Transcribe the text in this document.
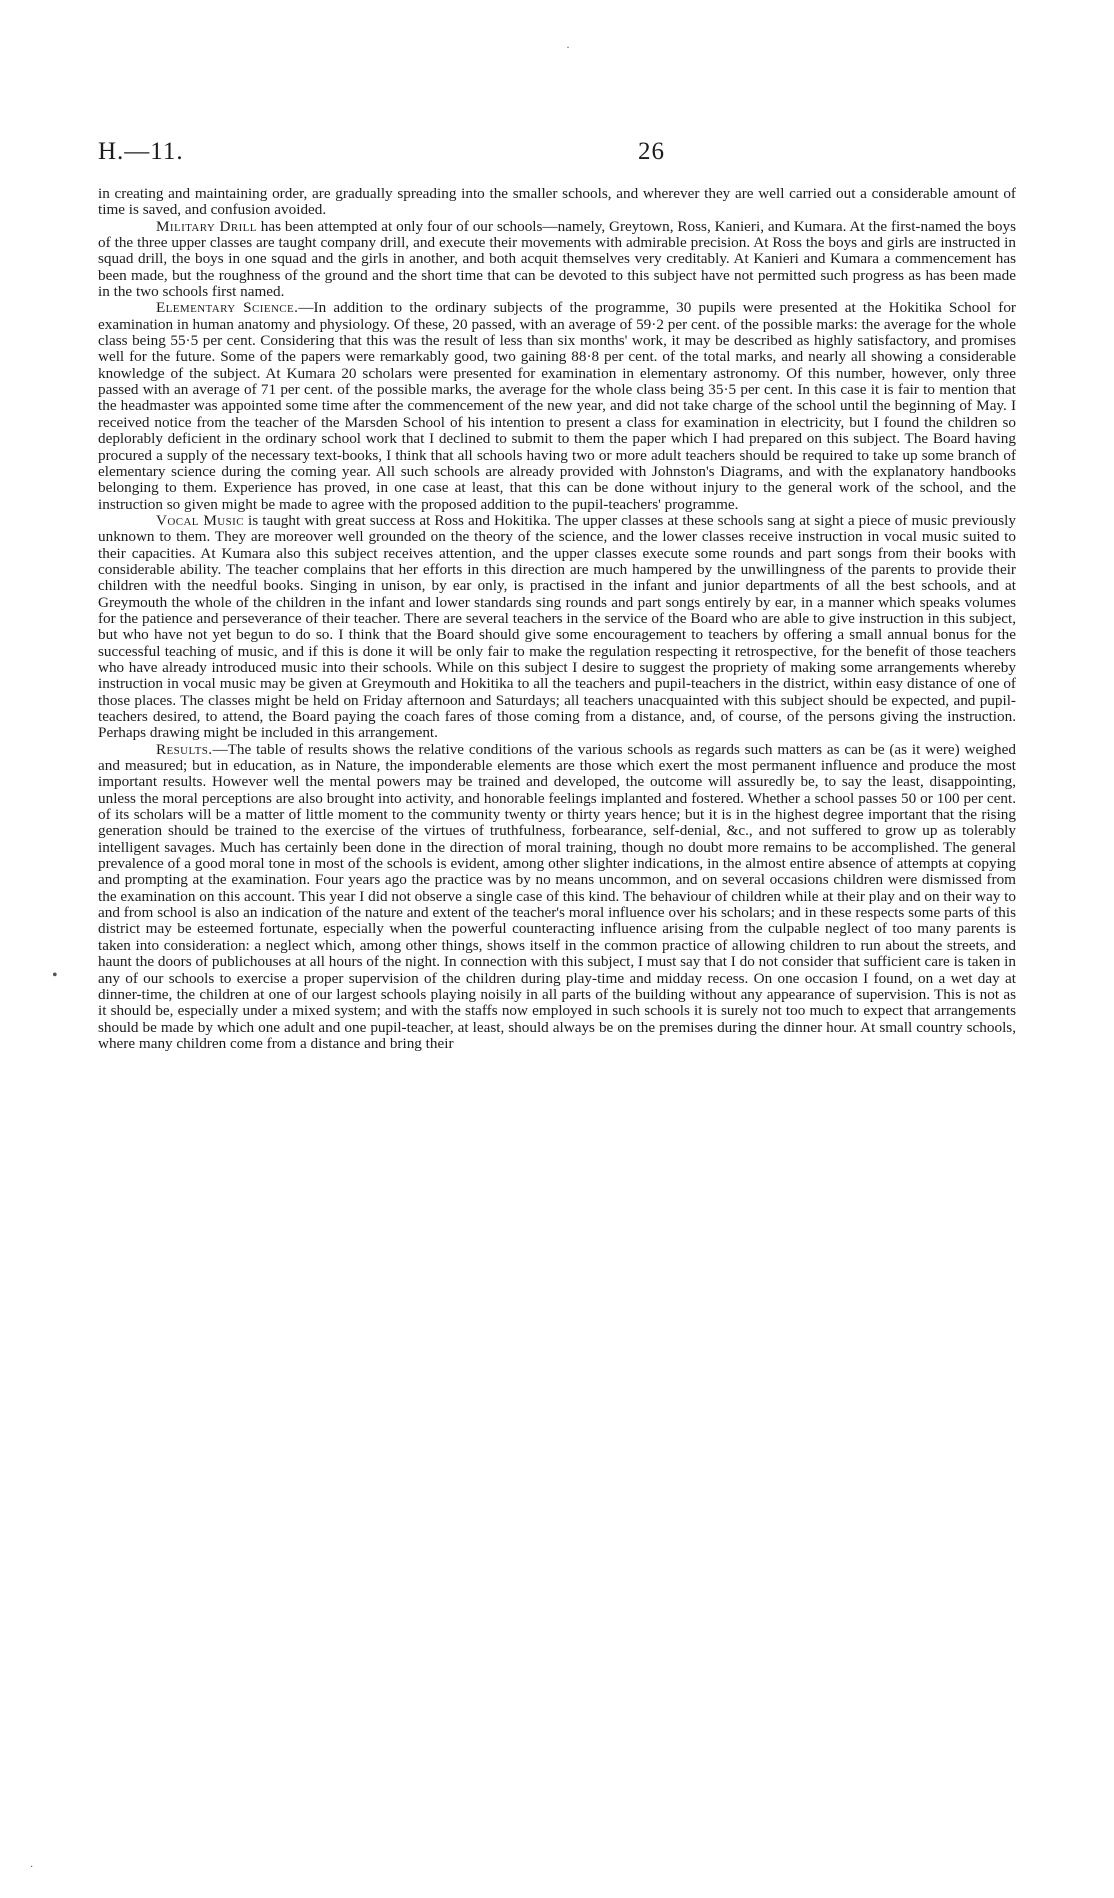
·
H.—11.	26

in creating and maintaining order, are gradually spreading into the smaller schools, and wherever they are well carried out a considerable amount of time is saved, and confusion avoided.

Military Drill has been attempted at only four of our schools—namely, Greytown, Ross, Kanieri, and Kumara. At the first-named the boys of the three upper classes are taught company drill, and execute their movements with admirable precision. At Ross the boys and girls are instructed in squad drill, the boys in one squad and the girls in another, and both acquit themselves very creditably. At Kanieri and Kumara a commencement has been made, but the roughness of the ground and the short time that can be devoted to this subject have not permitted such progress as has been made in the two schools first named.

Elementary Science.—In addition to the ordinary subjects of the programme, 30 pupils were presented at the Hokitika School for examination in human anatomy and physiology. Of these, 20 passed, with an average of 59·2 per cent. of the possible marks: the average for the whole class being 55·5 per cent. Considering that this was the result of less than six months' work, it may be described as highly satisfactory, and promises well for the future. Some of the papers were remarkably good, two gaining 88·8 per cent. of the total marks, and nearly all showing a considerable knowledge of the subject. At Kumara 20 scholars were presented for examination in elementary astronomy. Of this number, however, only three passed with an average of 71 per cent. of the possible marks, the average for the whole class being 35·5 per cent. In this case it is fair to mention that the headmaster was appointed some time after the commencement of the new year, and did not take charge of the school until the beginning of May. I received notice from the teacher of the Marsden School of his intention to present a class for examination in electricity, but I found the children so deplorably deficient in the ordinary school work that I declined to submit to them the paper which I had prepared on this subject. The Board having procured a supply of the necessary text-books, I think that all schools having two or more adult teachers should be required to take up some branch of elementary science during the coming year. All such schools are already provided with Johnston's Diagrams, and with the explanatory handbooks belonging to them. Experience has proved, in one case at least, that this can be done without injury to the general work of the school, and the instruction so given might be made to agree with the proposed addition to the pupil-teachers' programme.

Vocal Music is taught with great success at Ross and Hokitika. The upper classes at these schools sang at sight a piece of music previously unknown to them. They are moreover well grounded on the theory of the science, and the lower classes receive instruction in vocal music suited to their capacities. At Kumara also this subject receives attention, and the upper classes execute some rounds and part songs from their books with considerable ability. The teacher complains that her efforts in this direction are much hampered by the unwillingness of the parents to provide their children with the needful books. Singing in unison, by ear only, is practised in the infant and junior departments of all the best schools, and at Greymouth the whole of the children in the infant and lower standards sing rounds and part songs entirely by ear, in a manner which speaks volumes for the patience and perseverance of their teacher. There are several teachers in the service of the Board who are able to give instruction in this subject, but who have not yet begun to do so. I think that the Board should give some encouragement to teachers by offering a small annual bonus for the successful teaching of music, and if this is done it will be only fair to make the regulation respecting it retrospective, for the benefit of those teachers who have already introduced music into their schools. While on this subject I desire to suggest the propriety of making some arrangements whereby instruction in vocal music may be given at Greymouth and Hokitika to all the teachers and pupil-teachers in the district, within easy distance of one of those places. The classes might be held on Friday afternoon and Saturdays; all teachers unacquainted with this subject should be expected, and pupil-teachers desired, to attend, the Board paying the coach fares of those coming from a distance, and, of course, of the persons giving the instruction. Perhaps drawing might be included in this arrangement.

Results.—The table of results shows the relative conditions of the various schools as regards such matters as can be (as it were) weighed and measured; but in education, as in Nature, the imponderable elements are those which exert the most permanent influence and produce the most important results. However well the mental powers may be trained and developed, the outcome will assuredly be, to say the least, disappointing, unless the moral perceptions are also brought into activity, and honorable feelings implanted and fostered. Whether a school passes 50 or 100 per cent. of its scholars will be a matter of little moment to the community twenty or thirty years hence; but it is in the highest degree important that the rising generation should be trained to the exercise of the virtues of truthfulness, forbearance, self-denial, &c., and not suffered to grow up as tolerably intelligent savages. Much has certainly been done in the direction of moral training, though no doubt more remains to be accomplished. The general prevalence of a good moral tone in most of the schools is evident, among other slighter indications, in the almost entire absence of attempts at copying and prompting at the examination. Four years ago the practice was by no means uncommon, and on several occasions children were dismissed from the examination on this account. This year I did not observe a single case of this kind. The behaviour of children while at their play and on their way to and from school is also an indication of the nature and extent of the teacher's moral influence over his scholars; and in these respects some parts of this district may be esteemed fortunate, especially when the powerful counteracting influence arising from the culpable neglect of too many parents is taken into consideration: a neglect which, among other things, shows itself in the common practice of allowing children to run about the streets, and haunt the doors of publichouses at all hours of the night. In connection with this subject, I must say that I do not consider that sufficient care is taken in any of our schools to exercise a proper supervision of the children during play-time and midday recess. On one occasion I found, on a wet day at dinner-time, the children at one of our largest schools playing noisily in all parts of the building without any appearance of supervision. This is not as it should be, especially under a mixed system; and with the staffs now employed in such schools it is surely not too much to expect that arrangements should be made by which one adult and one pupil-teacher, at least, should always be on the premises during the dinner hour. At small country schools, where many children come from a distance and bring their

•
·
